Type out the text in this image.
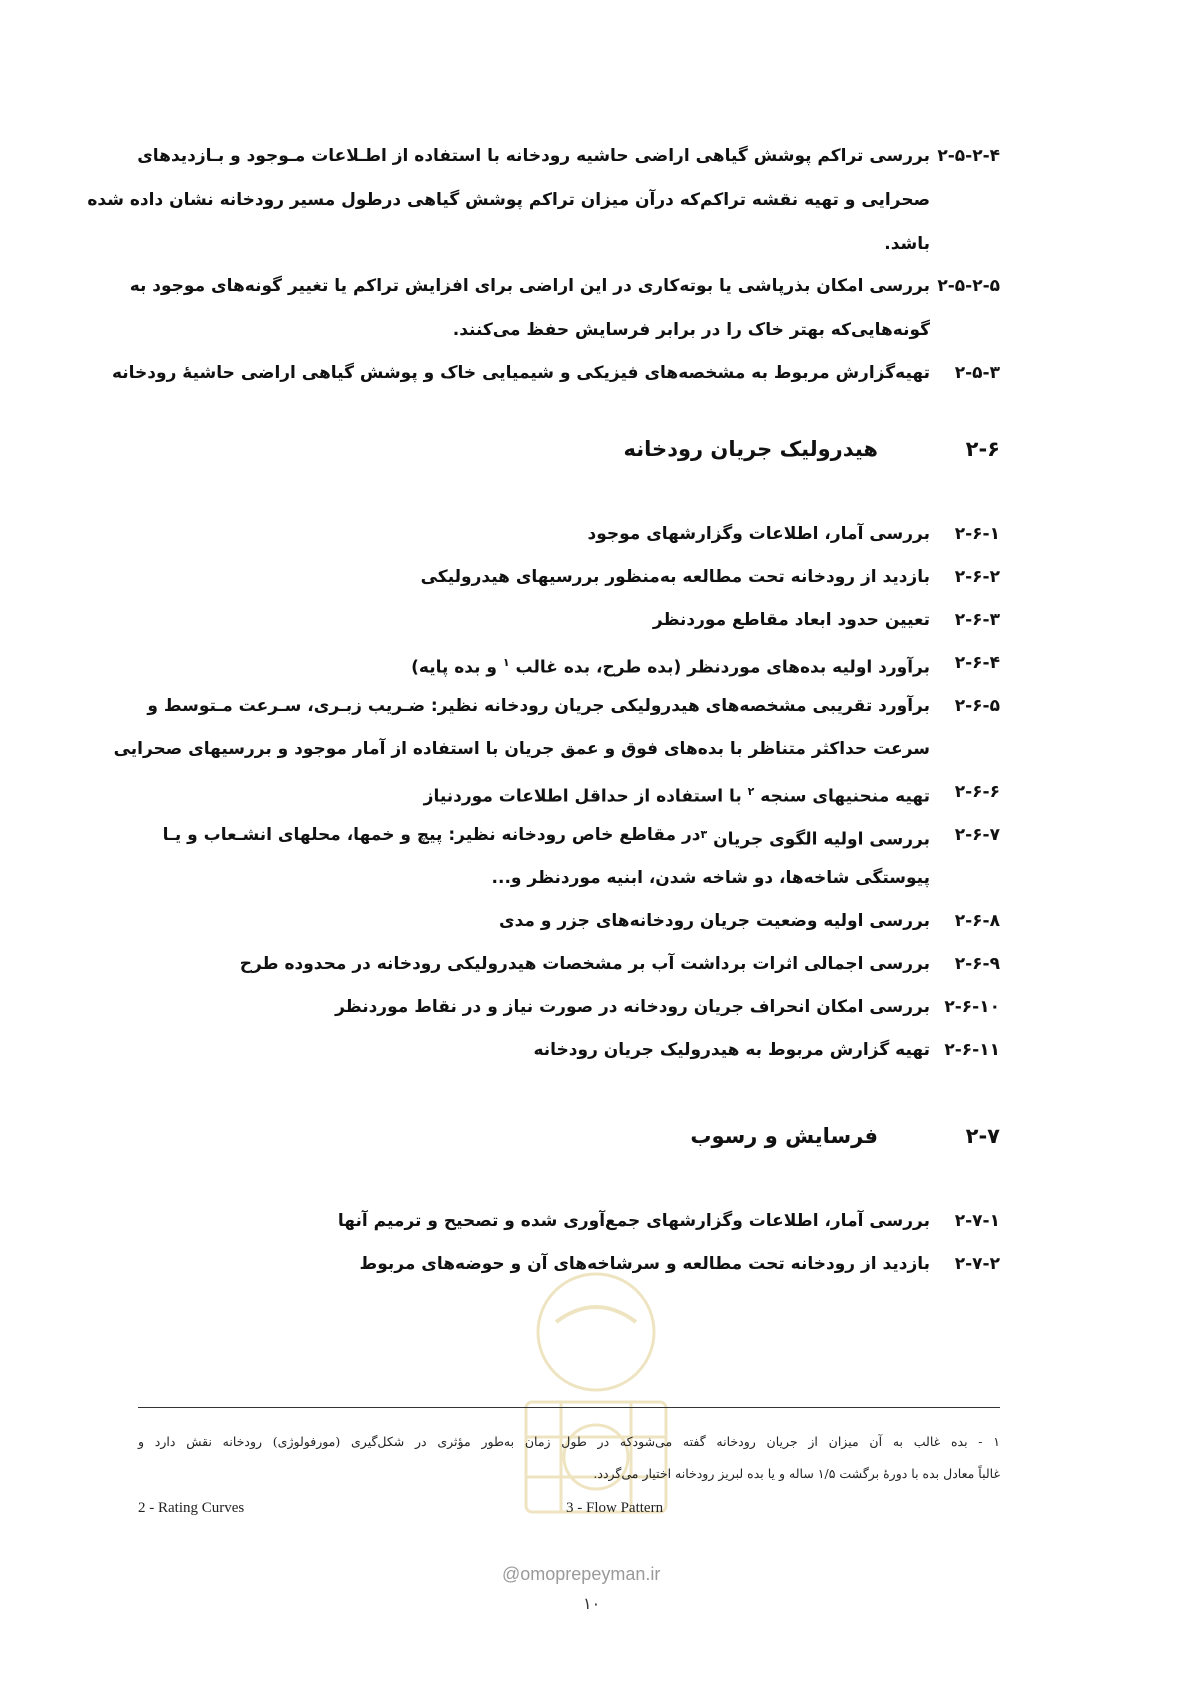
۲-۵-۲-۴
بررسی تراکم پوشش گیاهی اراضی حاشیه رودخانه با استفاده از اطـلاعات مـوجود و بـازدیدهای
صحرایی و تهیه نقشه تراکم‌که درآن میزان تراکم پوشش گیاهی درطول مسیر رودخانه نشان داده شده
باشد.
۲-۵-۲-۵
بررسی امکان بذرپاشی یا بوته‌کاری در این اراضی برای افزایش تراکم یا تغییر گونه‌های موجود به
گونه‌هایی‌که بهتر خاک را در برابر فرسایش حفظ می‌کنند.
۲-۵-۳
تهیه‌گزارش مربوط به مشخصه‌های فیزیکی و شیمیایی خاک و پوشش گیاهی اراضی حاشیهٔ رودخانه
۲-۶
هیدرولیک جریان رودخانه
۲-۶-۱
بررسی آمار، اطلاعات وگزارشهای موجود
۲-۶-۲
بازدید از رودخانه تحت مطالعه به‌منظور بررسیهای هیدرولیکی
۲-۶-۳
تعیین حدود ابعاد مقاطع موردنظر
۲-۶-۴
برآورد اولیه بده‌های موردنظر (بده طرح، بده غالب $^۱$ و بده پایه)
۲-۶-۵
برآورد تقریبی مشخصه‌های هیدرولیکی جریان رودخانه نظیر: ضـریب زبـری، سـرعت مـتوسط و
سرعت حداکثر متناظر با بده‌های فوق و عمق جریان با استفاده از آمار موجود و بررسیهای صحرایی
۲-۶-۶
تهیه منحنیهای سنجه $^۲$ با استفاده از حداقل اطلاعات موردنیاز
۲-۶-۷
بررسی اولیه الگوی جریان $^۳$
در مقاطع خاص رودخانه نظیر: پیچ و خمها، محلهای انشـعاب و یـا
پیوستگی شاخه‌ها، دو شاخه شدن، ابنیه موردنظر و...
۲-۶-۸
بررسی اولیه وضعیت جریان رودخانه‌های جزر و مدی
۲-۶-۹
بررسی اجمالی اثرات برداشت آب بر مشخصات هیدرولیکی رودخانه در محدوده طرح
۲-۶-۱۰
بررسی امکان انحراف جریان رودخانه در صورت نیاز و در نقاط موردنظر
۲-۶-۱۱
تهیه گزارش مربوط به هیدرولیک جریان رودخانه
۲-۷
فرسایش و رسوب
۲-۷-۱
بررسی آمار، اطلاعات وگزارشهای جمع‌آوری شده و تصحیح و ترمیم آنها
۲-۷-۲
بازدید از رودخانه تحت مطالعه و سرشاخه‌های آن و حوضه‌های مربوط
۱ - بده غالب به آن میزان از جریان رودخانه گفته می‌شود‌که در طول زمان به‌طور مؤثری در شکل‌گیری (مورفولوژی) رودخانه نقش دارد و
غالباً معادل بده با دورهٔ برگشت ۱/۵ ساله و یا بده لبریز رودخانه اختیار می‌گردد.
2 - Rating Curves	3 - Flow Pattern
@omoprepeyman.ir
۱۰
